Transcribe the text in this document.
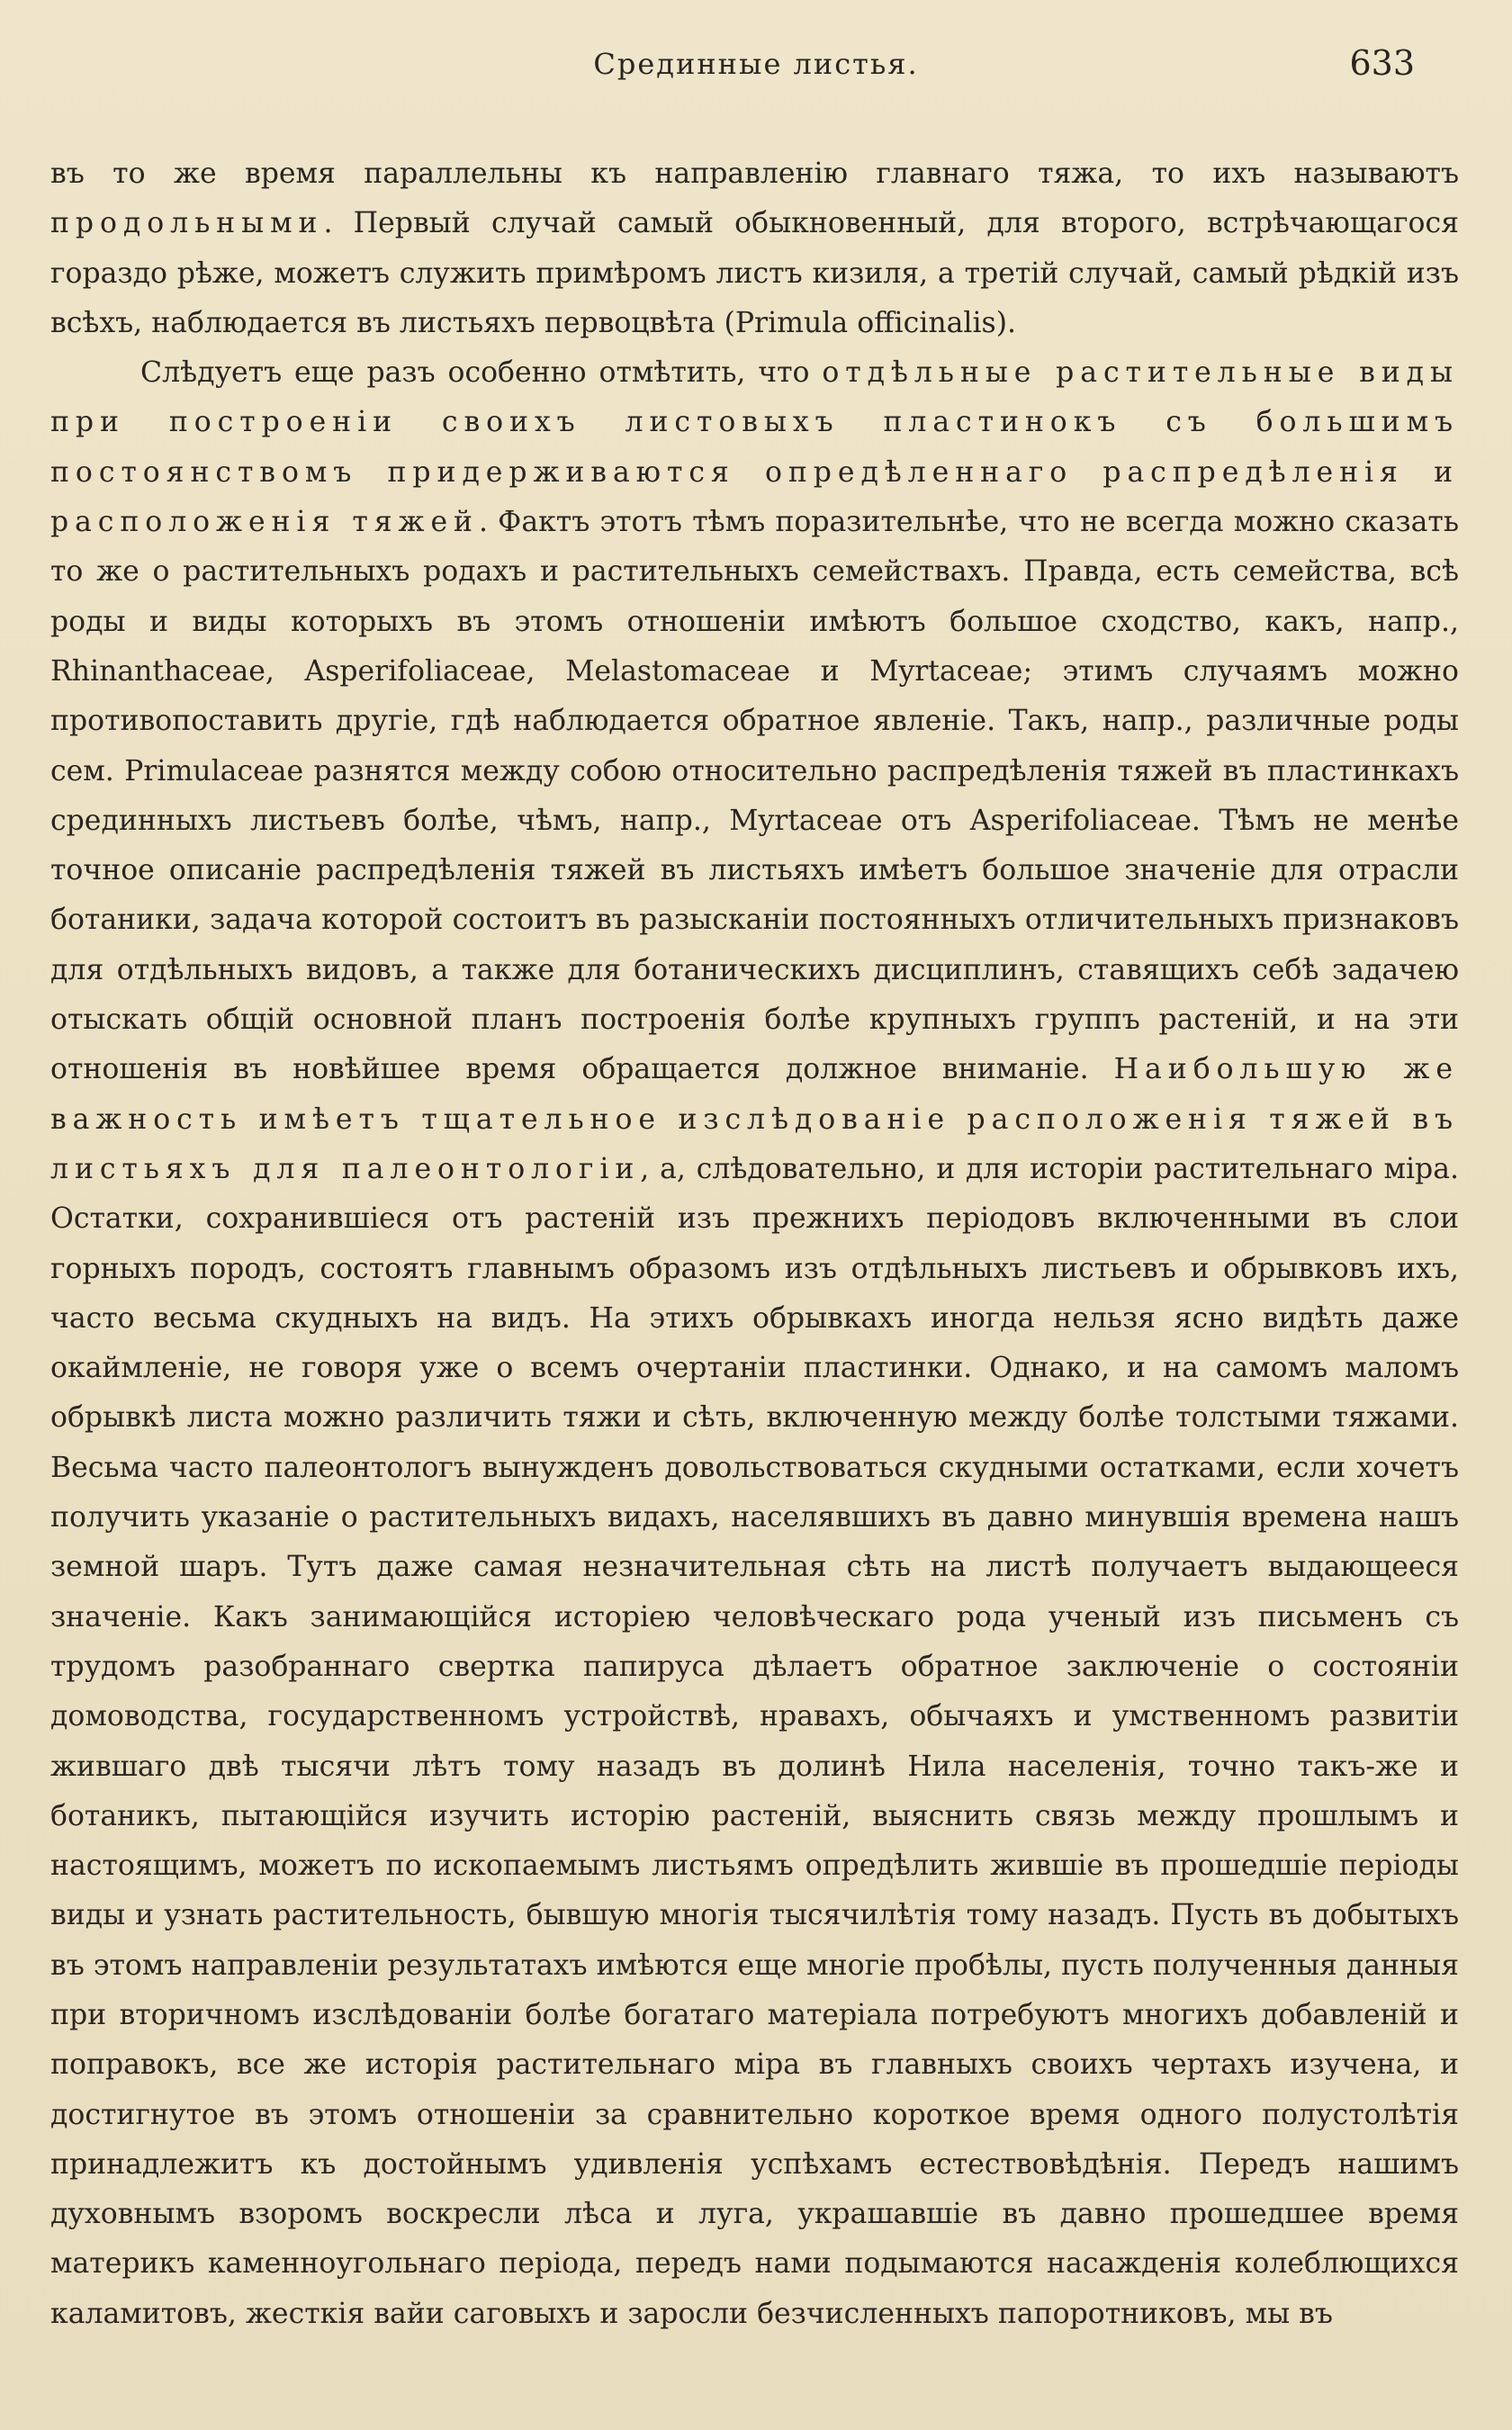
Срединные листья.	633

въ то же время параллельны къ направленію главнаго тяжа, то ихъ называютъ продольными. Первый случай самый обыкновенный, для второго, встрѣчающагося гораздо рѣже, можетъ служить примѣромъ листъ кизиля, а третій случай, самый рѣдкій изъ всѣхъ, наблюдается въ листьяхъ первоцвѣта (Primula officinalis).

Слѣдуетъ еще разъ особенно отмѣтить, что отдѣльные растительные виды при построеніи своихъ листовыхъ пластинокъ съ большимъ постоянствомъ придерживаются опредѣленнаго распредѣленія и расположенія тяжей. Фактъ этотъ тѣмъ поразительнѣе, что не всегда можно сказать то же о растительныхъ родахъ и растительныхъ семействахъ. Правда, есть семейства, всѣ роды и виды которыхъ въ этомъ отношеніи имѣютъ большое сходство, какъ, напр., Rhinanthaceae, Asperifoliaceae, Melastomaceae и Myrtaceae; этимъ случаямъ можно противопоставить другіе, гдѣ наблюдается обратное явленіе. Такъ, напр., различные роды сем. Primulaceae разнятся между собою относительно распредѣленія тяжей въ пластинкахъ срединныхъ листьевъ болѣе, чѣмъ, напр., Myrtaceae отъ Asperifoliaceae. Тѣмъ не менѣе точное описаніе распредѣленія тяжей въ листьяхъ имѣетъ большое значеніе для отрасли ботаники, задача которой состоитъ въ разысканіи постоянныхъ отличительныхъ признаковъ для отдѣльныхъ видовъ, а также для ботаническихъ дисциплинъ, ставящихъ себѣ задачею отыскать общій основной планъ построенія болѣе крупныхъ группъ растеній, и на эти отношенія въ новѣйшее время обращается должное вниманіе. Наибольшую же важность имѣетъ тщательное изслѣдованіе расположенія тяжей въ листьяхъ для палеонтологіи, а, слѣдовательно, и для исторіи растительнаго міра. Остатки, сохранившіеся отъ растеній изъ прежнихъ періодовъ включенными въ слои горныхъ породъ, состоятъ главнымъ образомъ изъ отдѣльныхъ листьевъ и обрывковъ ихъ, часто весьма скудныхъ на видъ. На этихъ обрывкахъ иногда нельзя ясно видѣть даже окаймленіе, не говоря уже о всемъ очертаніи пластинки. Однако, и на самомъ маломъ обрывкѣ листа можно различить тяжи и сѣть, включенную между болѣе толстыми тяжами. Весьма часто палеонтологъ вынужденъ довольствоваться скудными остатками, если хочетъ получить указаніе о растительныхъ видахъ, населявшихъ въ давно минувшія времена нашъ земной шаръ. Тутъ даже самая незначительная сѣть на листѣ получаетъ выдающееся значеніе. Какъ занимающійся исторіею человѣческаго рода ученый изъ письменъ съ трудомъ разобраннаго свертка папируса дѣлаетъ обратное заключеніе о состояніи домоводства, государственномъ устройствѣ, нравахъ, обычаяхъ и умственномъ развитіи жившаго двѣ тысячи лѣтъ тому назадъ въ долинѣ Нила населенія, точно такъ-же и ботаникъ, пытающійся изучить исторію растеній, выяснить связь между прошлымъ и настоящимъ, можетъ по ископаемымъ листьямъ опредѣлить жившіе въ прошедшіе періоды виды и узнать растительность, бывшую многія тысячилѣтія тому назадъ. Пусть въ добытыхъ въ этомъ направленіи результатахъ имѣются еще многіе пробѣлы, пусть полученныя данныя при вторичномъ изслѣдованіи болѣе богатаго матеріала потребуютъ многихъ добавленій и поправокъ, все же исторія растительнаго міра въ главныхъ своихъ чертахъ изучена, и достигнутое въ этомъ отношеніи за сравнительно короткое время одного полустолѣтія принадлежитъ къ достойнымъ удивленія успѣхамъ естествовѣдѣнія. Передъ нашимъ духовнымъ взоромъ воскресли лѣса и луга, украшавшіе въ давно прошедшее время материкъ каменноугольнаго періода, передъ нами подымаются насажденія колеблющихся каламитовъ, жесткія вайи саговыхъ и заросли безчисленныхъ папоротниковъ, мы въ
